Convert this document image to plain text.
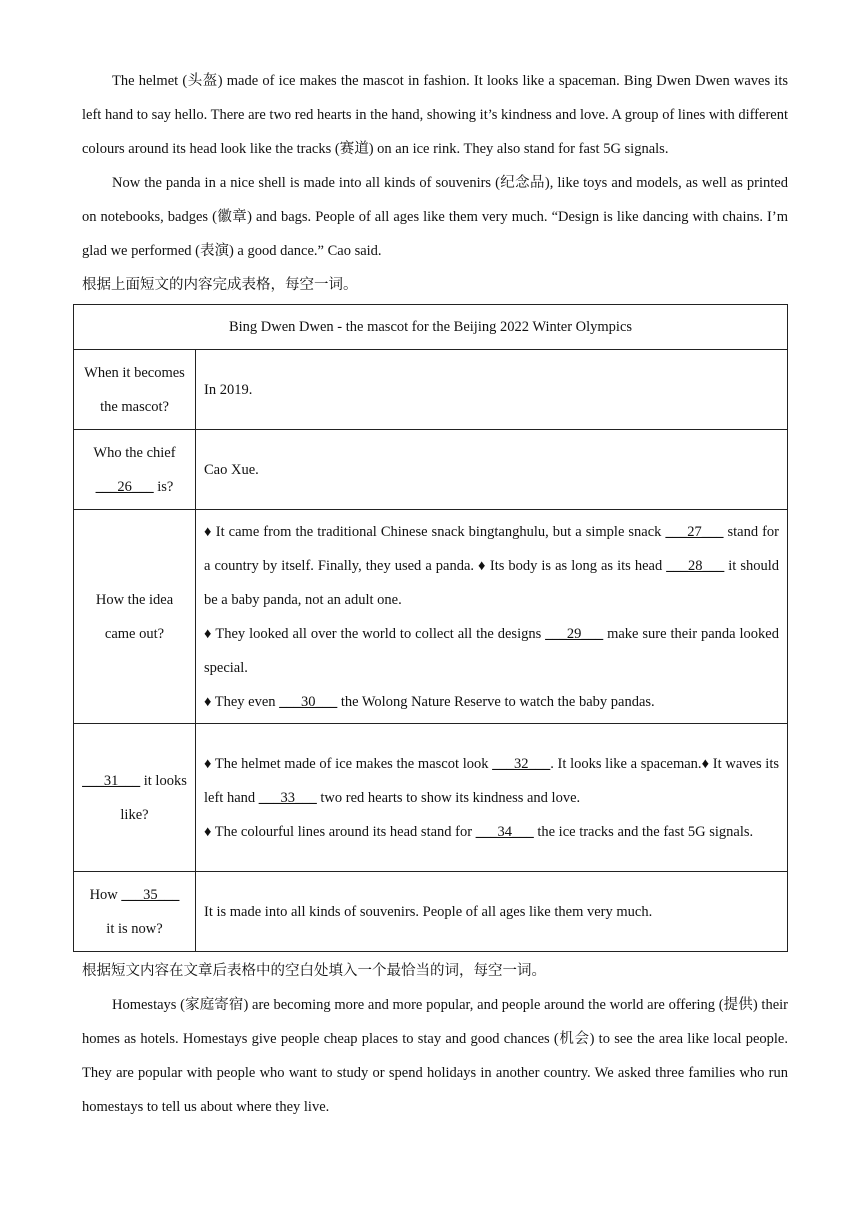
The helmet (头盔) made of ice makes the mascot in fashion. It looks like a spaceman. Bing Dwen Dwen waves its left hand to say hello. There are two red hearts in the hand, showing it’s kindness and love. A group of lines with different colours around its head look like the tracks (赛道) on an ice rink. They also stand for fast 5G signals.

Now the panda in a nice shell is made into all kinds of souvenirs (纪念品), like toys and models, as well as printed on notebooks, badges (徽章) and bags. People of all ages like them very much. “Design is like dancing with chains. I’m glad we performed (表演) a good dance.” Cao said.

根据上面短文的内容完成表格，每空一词。

Bing Dwen Dwen - the mascot for the Beijing 2022 Winter Olympics	
When it becomes the mascot?	In 2019.
Who the chief
___26___ is?	Cao Xue.
How the idea came out?	♦ It came from the traditional Chinese snack bingtanghulu, but a simple snack ___27___ stand for a country by itself. Finally, they used a panda. ♦ Its body is as long as its head ___28___ it should be a baby panda, not an adult one.

♦ They looked all over the world to collect all the designs ___29___ make sure their panda looked special.

♦ They even ___30___ the Wolong Nature Reserve to watch the baby pandas.

___31___ it looks like?	♦ The helmet made of ice makes the mascot look ___32___. It looks like a spaceman.♦ It waves its left hand ___33___ two red hearts to show its kindness and love.

♦ The colourful lines around its head stand for ___34___ the ice tracks and the fast 5G signals.

How ___35___
it is now?	It is made into all kinds of souvenirs. People of all ages like them very much.

根据短文内容在文章后表格中的空白处填入一个最恰当的词，每空一词。

Homestays (家庭寄宿) are becoming more and more popular, and people around the world are offering (提供) their homes as hotels. Homestays give people cheap places to stay and good chances (机会) to see the area like local people. They are popular with people who want to study or spend holidays in another country. We asked three families who run homestays to tell us about where they live.
